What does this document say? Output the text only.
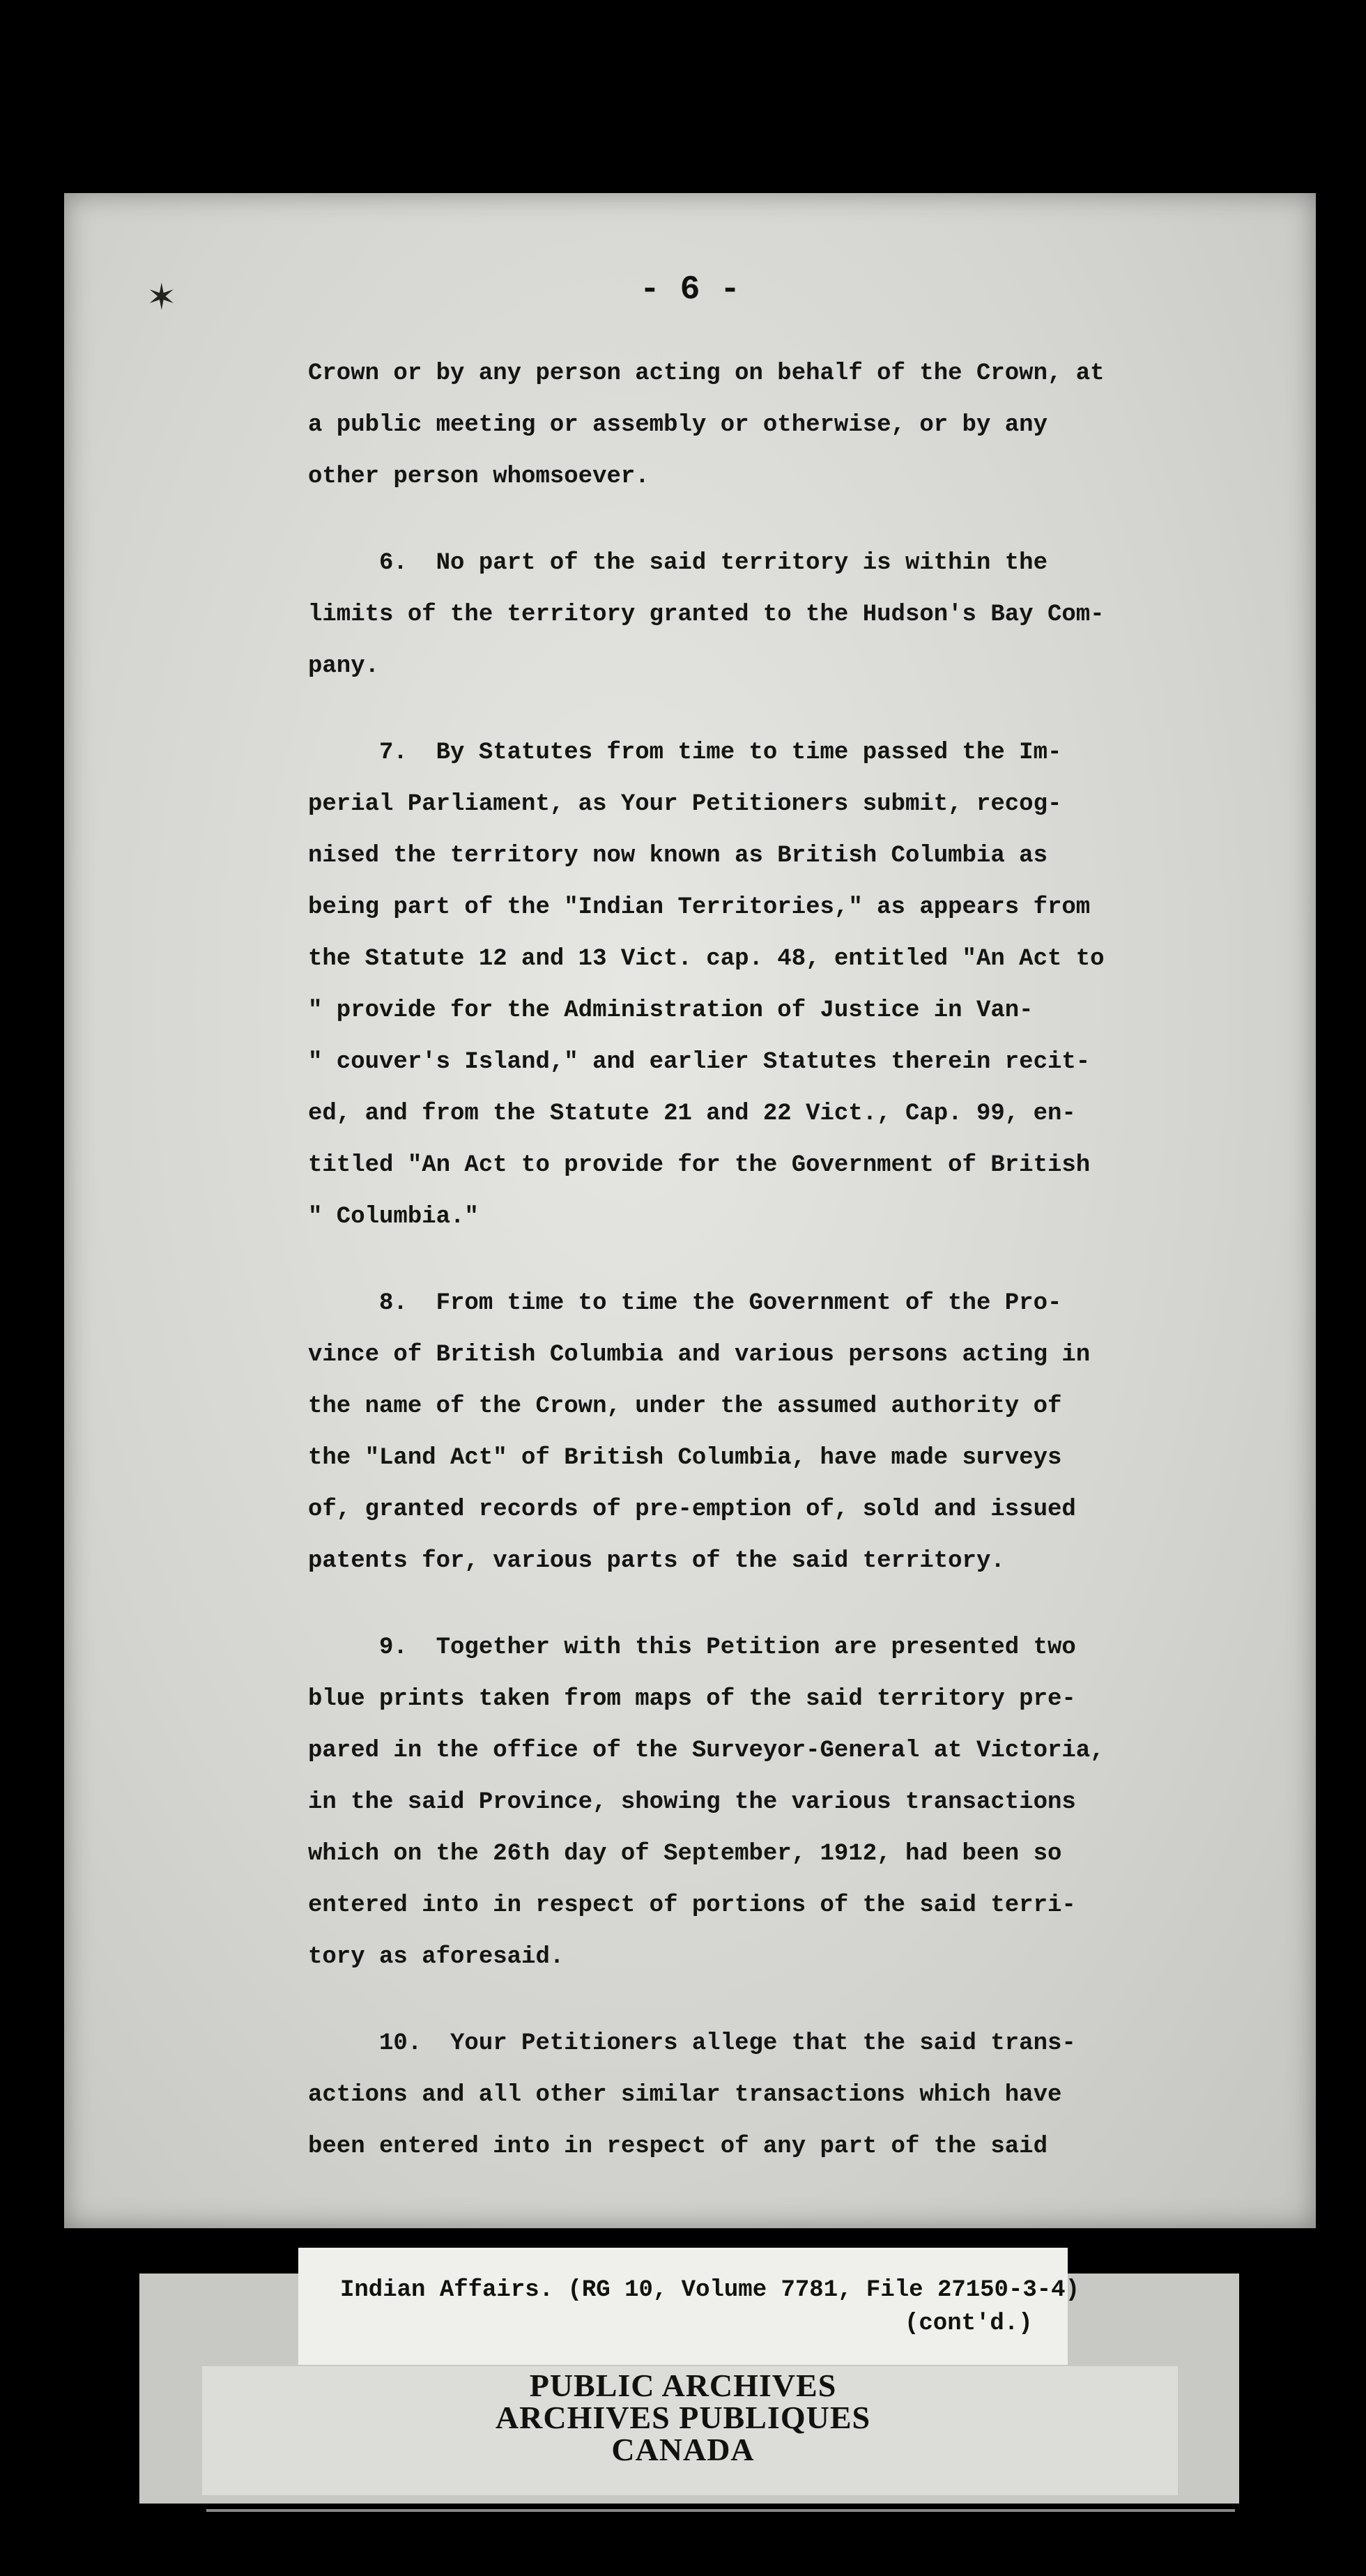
✶	- 6 -
Crown or by any person acting on behalf of the Crown, at
a public meeting or assembly or otherwise, or by any
other person whomsoever.
6.  No part of the said territory is within the
limits of the territory granted to the Hudson's Bay Com-
pany.
7.  By Statutes from time to time passed the Im-
perial Parliament, as Your Petitioners submit, recog-
nised the territory now known as British Columbia as
being part of the "Indian Territories," as appears from
the Statute 12 and 13 Vict. cap. 48, entitled "An Act to
" provide for the Administration of Justice in Van-
" couver's Island," and earlier Statutes therein recit-
ed, and from the Statute 21 and 22 Vict., Cap. 99, en-
titled "An Act to provide for the Government of British
" Columbia."
8.  From time to time the Government of the Pro-
vince of British Columbia and various persons acting in
the name of the Crown, under the assumed authority of
the "Land Act" of British Columbia, have made surveys
of, granted records of pre-emption of, sold and issued
patents for, various parts of the said territory.
9.  Together with this Petition are presented two
blue prints taken from maps of the said territory pre-
pared in the office of the Surveyor-General at Victoria,
in the said Province, showing the various transactions
which on the 26th day of September, 1912, had been so
entered into in respect of portions of the said terri-
tory as aforesaid.
10.  Your Petitioners allege that the said trans-
actions and all other similar transactions which have
been entered into in respect of any part of the said
Indian Affairs. (RG 10, Volume 7781, File 27150-3-4)
(cont'd.)
PUBLIC ARCHIVES
ARCHIVES PUBLIQUES
CANADA
